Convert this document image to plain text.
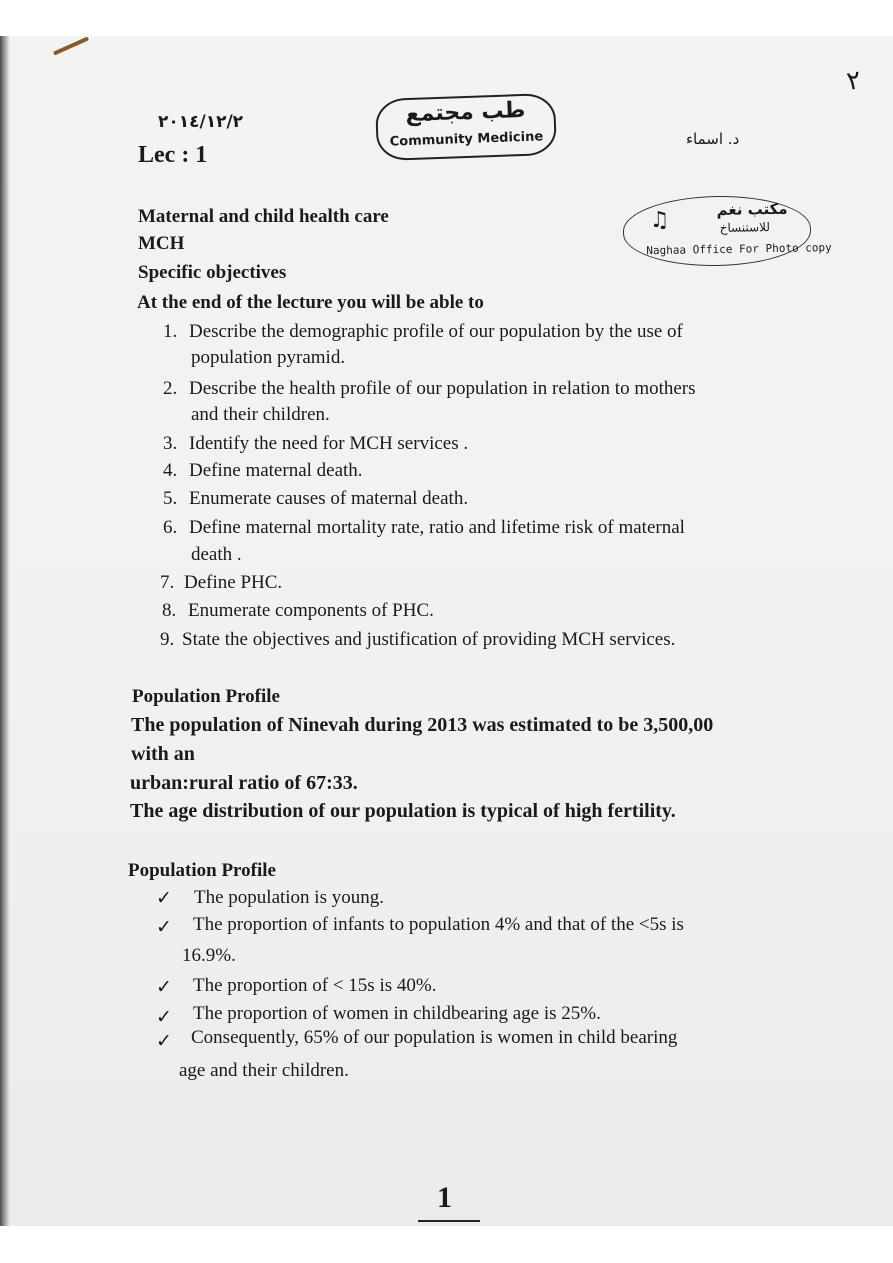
٢
٢٠١٤/١٢/٢
Lec : 1
د. اسماء
طب مجتمع
Community Medicine
♫	مكتب نغم
للاستنساخ
Naghaa Office For Photo copy
Maternal and child health care
MCH
Specific objectives
At the end of the lecture you will be able to
1. Describe the demographic profile of our population by the use of
population pyramid.
2. Describe the health profile of our population in relation to mothers
and their children.
3. Identify the need for MCH services .
4. Define maternal death.
5. Enumerate causes of maternal death.
6. Define maternal mortality rate, ratio and lifetime risk of maternal
death .
7. Define PHC.
8. Enumerate components of PHC.
9. State the objectives and justification of providing MCH services.
Population Profile
The population of Ninevah during 2013 was estimated to be 3,500,00
with an
urban:rural ratio of 67:33.
The age distribution of our population is typical of high fertility.
Population Profile
✓ The population is young.
✓ The proportion of infants to population 4% and that of the <5s is
16.9%.
✓ The proportion of < 15s is 40%.
✓ The proportion of women in childbearing age is 25%.
✓ Consequently, 65% of our population is women in child bearing
age and their children.
1
